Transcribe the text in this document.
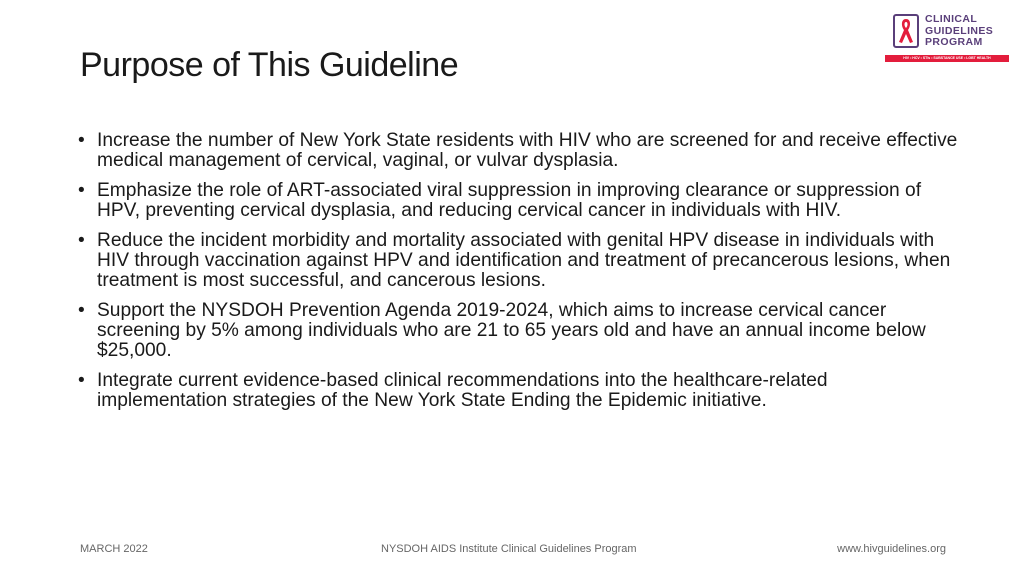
Purpose of This Guideline
CLINICAL
GUIDELINES
PROGRAM
HIV • HCV • STIs • SUBSTANCE USE • LGBT HEALTH
• Increase the number of New York State residents with HIV who are screened for and receive effective medical management of cervical, vaginal, or vulvar dysplasia.
• Emphasize the role of ART-associated viral suppression in improving clearance or suppression of HPV, preventing cervical dysplasia, and reducing cervical cancer in individuals with HIV.
• Reduce the incident morbidity and mortality associated with genital HPV disease in individuals with HIV through vaccination against HPV and identification and treatment of precancerous lesions, when treatment is most successful, and cancerous lesions.
• Support the NYSDOH Prevention Agenda 2019-2024, which aims to increase cervical cancer screening by 5% among individuals who are 21 to 65 years old and have an annual income below $25,000.
• Integrate current evidence-based clinical recommendations into the healthcare-related implementation strategies of the New York State Ending the Epidemic initiative.
MARCH 2022	NYSDOH AIDS Institute Clinical Guidelines Program	www.hivguidelines.org
